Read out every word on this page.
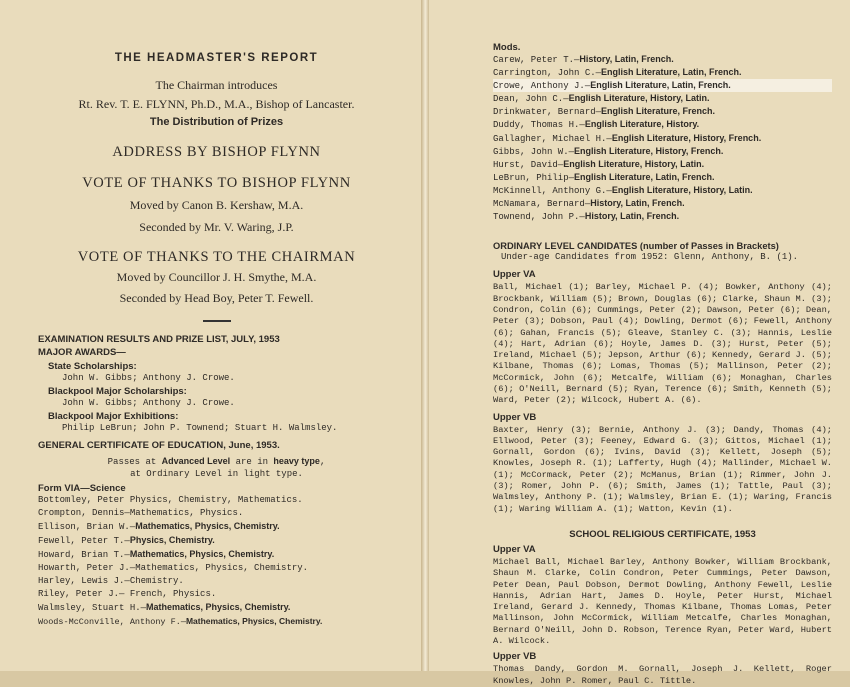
THE HEADMASTER'S REPORT
The Chairman introduces
Rt. Rev. T. E. FLYNN, Ph.D., M.A., Bishop of Lancaster.
The Distribution of Prizes
ADDRESS BY BISHOP FLYNN
VOTE OF THANKS TO BISHOP FLYNN
Moved by Canon B. Kershaw, M.A.
Seconded by Mr. V. Waring, J.P.
VOTE OF THANKS TO THE CHAIRMAN
Moved by Councillor J. H. Smythe, M.A.
Seconded by Head Boy, Peter T. Fewell.
EXAMINATION RESULTS AND PRIZE LIST, JULY, 1953
MAJOR AWARDS—
State Scholarships:
John W. Gibbs; Anthony J. Crowe.
Blackpool Major Scholarships:
John W. Gibbs; Anthony J. Crowe.
Blackpool Major Exhibitions:
Philip LeBrun; John P. Townend; Stuart H. Walmsley.
GENERAL CERTIFICATE OF EDUCATION, June, 1953.
Passes at Advanced Level are in heavy type,
at Ordinary Level in light type.
Form VIA—Science
Bottomley, Peter Physics, Chemistry, Mathematics.
Crompton, Dennis—Mathematics, Physics.
Ellison, Brian W.—Mathematics, Physics, Chemistry.
Fewell, Peter T.—Physics, Chemistry.
Howard, Brian T.—Mathematics, Physics, Chemistry.
Howarth, Peter J.—Mathematics, Physics, Chemistry.
Harley, Lewis J.—Chemistry.
Riley, Peter J.— French, Physics.
Walmsley, Stuart H.—Mathematics, Physics, Chemistry.
Woods-McConville, Anthony F.—Mathematics, Physics, Chemistry.
Mods.
Carew, Peter T.—History, Latin, French.
Carrington, John C.—English Literature, Latin, French.
Crowe, Anthony J.—English Literature, Latin, French.
Dean, John C.—English Literature, History, Latin.
Drinkwater, Bernard—English Literature, French.
Duddy, Thomas H.—English Literature, History.
Gallagher, Michael H.—English Literature, History, French.
Gibbs, John W.—English Literature, History, French.
Hurst, David—English Literature, History, Latin.
LeBrun, Philip—English Literature, Latin, French.
McKinnell, Anthony G.—English Literature, History, Latin.
McNamara, Bernard—History, Latin, French.
Townend, John P.—History, Latin, French.
ORDINARY LEVEL CANDIDATES (number of Passes in Brackets)
Under-age Candidates from 1952: Glenn, Anthony, B. (1).
Upper VA
Ball, Michael (1); Barley, Michael P. (4); Bowker, Anthony (4); Brockbank, William (5); Brown, Douglas (6); Clarke, Shaun M. (3); Condron, Colin (6); Cummings, Peter (2); Dawson, Peter (6); Dean, Peter (3); Dobson, Paul (4); Dowling, Dermot (6); Fewell, Anthony (6); Gahan, Francis (5); Gleave, Stanley C. (3); Hannis, Leslie (4); Hart, Adrian (6); Hoyle, James D. (3); Hurst, Peter (5); Ireland, Michael (5); Jepson, Arthur (6); Kennedy, Gerard J. (5); Kilbane, Thomas (6); Lomas, Thomas (5); Mallinson, Peter (2); McCormick, John (6); Metcalfe, William (6); Monaghan, Charles (6); O'Neill, Bernard (5); Ryan, Terence (6); Smith, Kenneth (5); Ward, Peter (2); Wilcock, Hubert A. (6).
Upper VB
Baxter, Henry (3); Bernie, Anthony J. (3); Dandy, Thomas (4); Ellwood, Peter (3); Feeney, Edward G. (3); Gittos, Michael (1); Gornall, Gordon (6); Ivins, David (3); Kellett, Joseph (5); Knowles, Joseph R. (1); Lafferty, Hugh (4); Mallinder, Michael W. (1); McCormack, Peter (2); McManus, Brian (1); Rimmer, John J. (3); Romer, John P. (6); Smith, James (1); Tattle, Paul (3); Walmsley, Anthony P. (1); Walmsley, Brian E. (1); Waring, Francis (1); Waring William A. (1); Watton, Kevin (1).
SCHOOL RELIGIOUS CERTIFICATE, 1953
Upper VA
Michael Ball, Michael Barley, Anthony Bowker, William Brockbank, Shaun M. Clarke, Colin Condron, Peter Cummings, Peter Dawson, Peter Dean, Paul Dobson, Dermot Dowling, Anthony Fewell, Leslie Hannis, Adrian Hart, James D. Hoyle, Peter Hurst, Michael Ireland, Gerard J. Kennedy, Thomas Kilbane, Thomas Lomas, Peter Mallinson, John McCormick, William Metcalfe, Charles Monaghan, Bernard O'Neill, John D. Robson, Terence Ryan, Peter Ward, Hubert A. Wilcock.
Upper VB
Thomas Dandy, Gordon M. Gornall, Joseph J. Kellett, Roger Knowles, John P. Romer, Paul C. Tittle.
